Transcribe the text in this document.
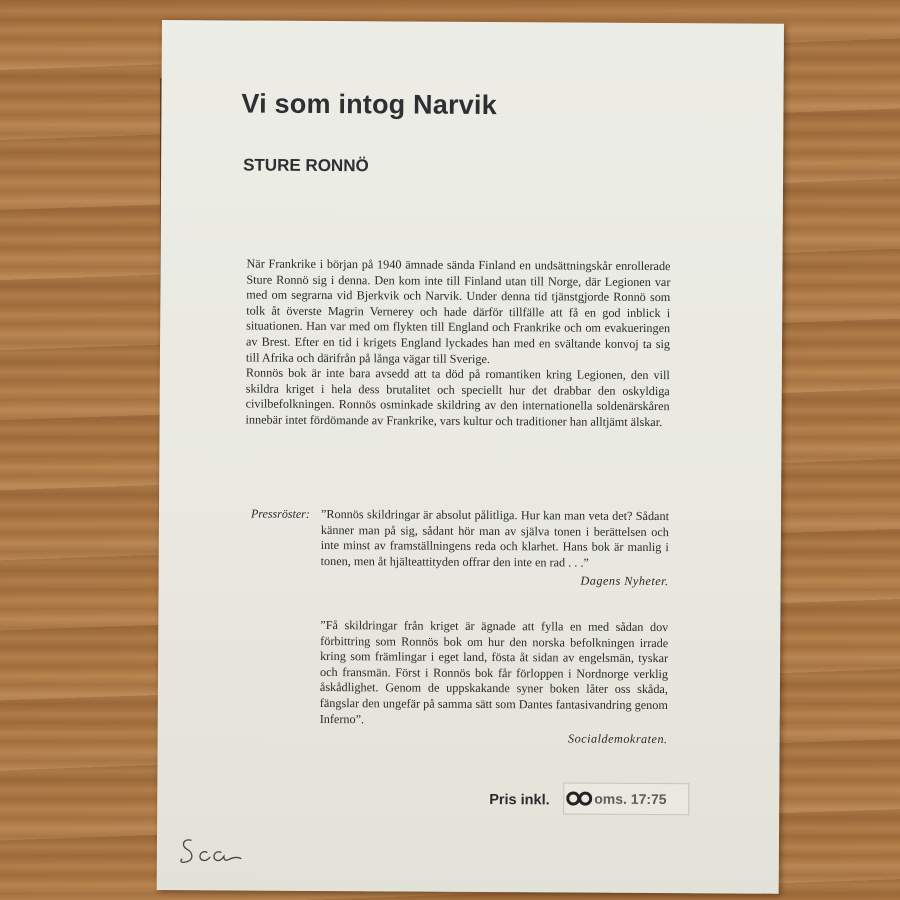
Vi som intog Narvik
STURE RONNÖ

När Frankrike i början på 1940 ämnade sända Finland en undsättningskår enrollerade Sture Ronnö sig i denna. Den kom inte till Finland utan till Norge, där Legionen var med om segrarna vid Bjerkvik och Narvik. Under denna tid tjänstgjorde Ronnö som tolk åt överste Magrin Vernerey och hade därför tillfälle att få en god inblick i situationen. Han var med om flykten till England och Frankrike och om evakueringen av Brest. Efter en tid i krigets England lyckades han med en svältande konvoj ta sig till Afrika och därifrån på långa vägar till Sverige.

Ronnös bok är inte bara avsedd att ta död på romantiken kring Legionen, den vill skildra kriget i hela dess brutalitet och speciellt hur det drabbar den oskyldiga civilbefolkningen. Ronnös osminkade skildring av den internationella soldenärskåren innebär intet fördömande av Frankrike, vars kultur och traditioner han alltjämt älskar.

Pressröster: ”Ronnös skildringar är absolut pålitliga. Hur kan man veta det? Sådant känner man på sig, sådant hör man av själva tonen i berättelsen och inte minst av framställningens reda och klarhet. Hans bok är manlig i tonen, men åt hjälteattityden offrar den inte en rad . . .”
Dagens Nyheter.
”Få skildringar från kriget är ägnade att fylla en med sådan dov förbittring som Ronnös bok om hur den norska befolkningen irrade kring som främlingar i eget land, fösta åt sidan av engelsmän, tyskar och fransmän. Först i Ronnös bok får förloppen i Nordnorge verklig åskådlighet. Genom de uppskakande syner boken låter oss skåda, fängslar den ungefär på samma sätt som Dantes fantasivandring genom Inferno”.
Socialdemokraten.
Pris inkl.	oms. 17:75
